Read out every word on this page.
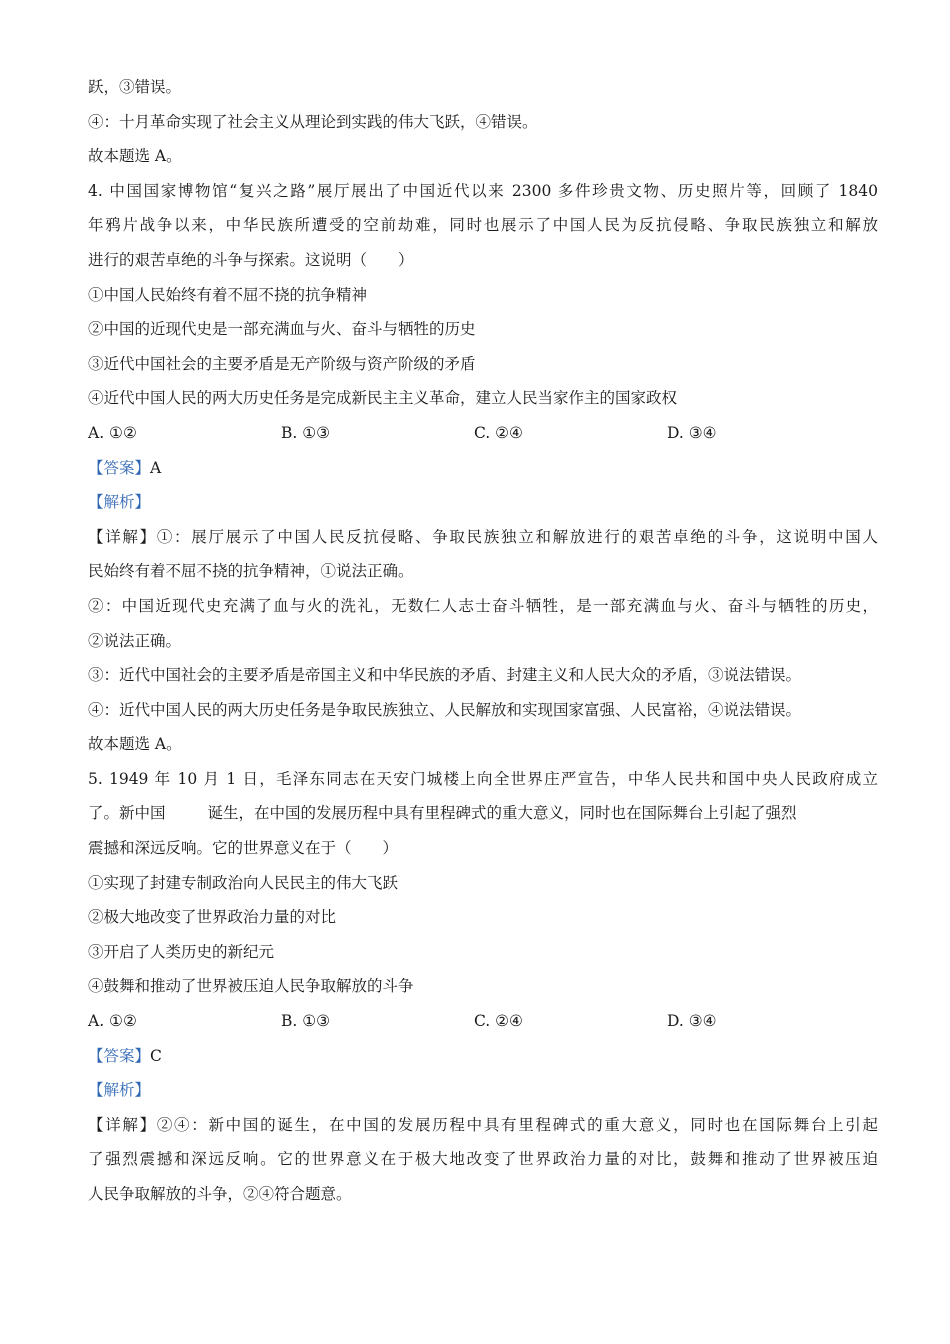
跃，③错误。
④：十月革命实现了社会主义从理论到实践的伟大飞跃，④错误。
故本题选 A。
4. 中国国家博物馆“复兴之路”展厅展出了中国近代以来 2300 多件珍贵文物、历史照片等，回顾了 1840
年鸦片战争以来，中华民族所遭受的空前劫难，同时也展示了中国人民为反抗侵略、争取民族独立和解放
进行的艰苦卓绝的斗争与探索。这说明（　　）
①中国人民始终有着不屈不挠的抗争精神
②中国的近现代史是一部充满血与火、奋斗与牺牲的历史
③近代中国社会的主要矛盾是无产阶级与资产阶级的矛盾
④近代中国人民的两大历史任务是完成新民主主义革命，建立人民当家作主的国家政权
A. ①②	B. ①③	C. ②④	D. ③④
【答案】A
【解析】
【详解】①：展厅展示了中国人民反抗侵略、争取民族独立和解放进行的艰苦卓绝的斗争，这说明中国人
民始终有着不屈不挠的抗争精神，①说法正确。
②：中国近现代史充满了血与火的洗礼，无数仁人志士奋斗牺牲，是一部充满血与火、奋斗与牺牲的历史，
②说法正确。
③：近代中国社会的主要矛盾是帝国主义和中华民族的矛盾、封建主义和人民大众的矛盾，③说法错误。
④：近代中国人民的两大历史任务是争取民族独立、人民解放和实现国家富强、人民富裕，④说法错误。
故本题选 A。
5. 1949 年 10 月 1 日，毛泽东同志在天安门城楼上向全世界庄严宣告，中华人民共和国中央人民政府成立
了。新中国	诞生，在中国的发展历程中具有里程碑式的重大意义，同时也在国际舞台上引起了强烈
震撼和深远反响。它的世界意义在于（　　）
①实现了封建专制政治向人民民主的伟大飞跃
②极大地改变了世界政治力量的对比
③开启了人类历史的新纪元
④鼓舞和推动了世界被压迫人民争取解放的斗争
A. ①②	B. ①③	C. ②④	D. ③④
【答案】C
【解析】
【详解】②④：新中国的诞生，在中国的发展历程中具有里程碑式的重大意义，同时也在国际舞台上引起
了强烈震撼和深远反响。它的世界意义在于极大地改变了世界政治力量的对比，鼓舞和推动了世界被压迫
人民争取解放的斗争，②④符合题意。
